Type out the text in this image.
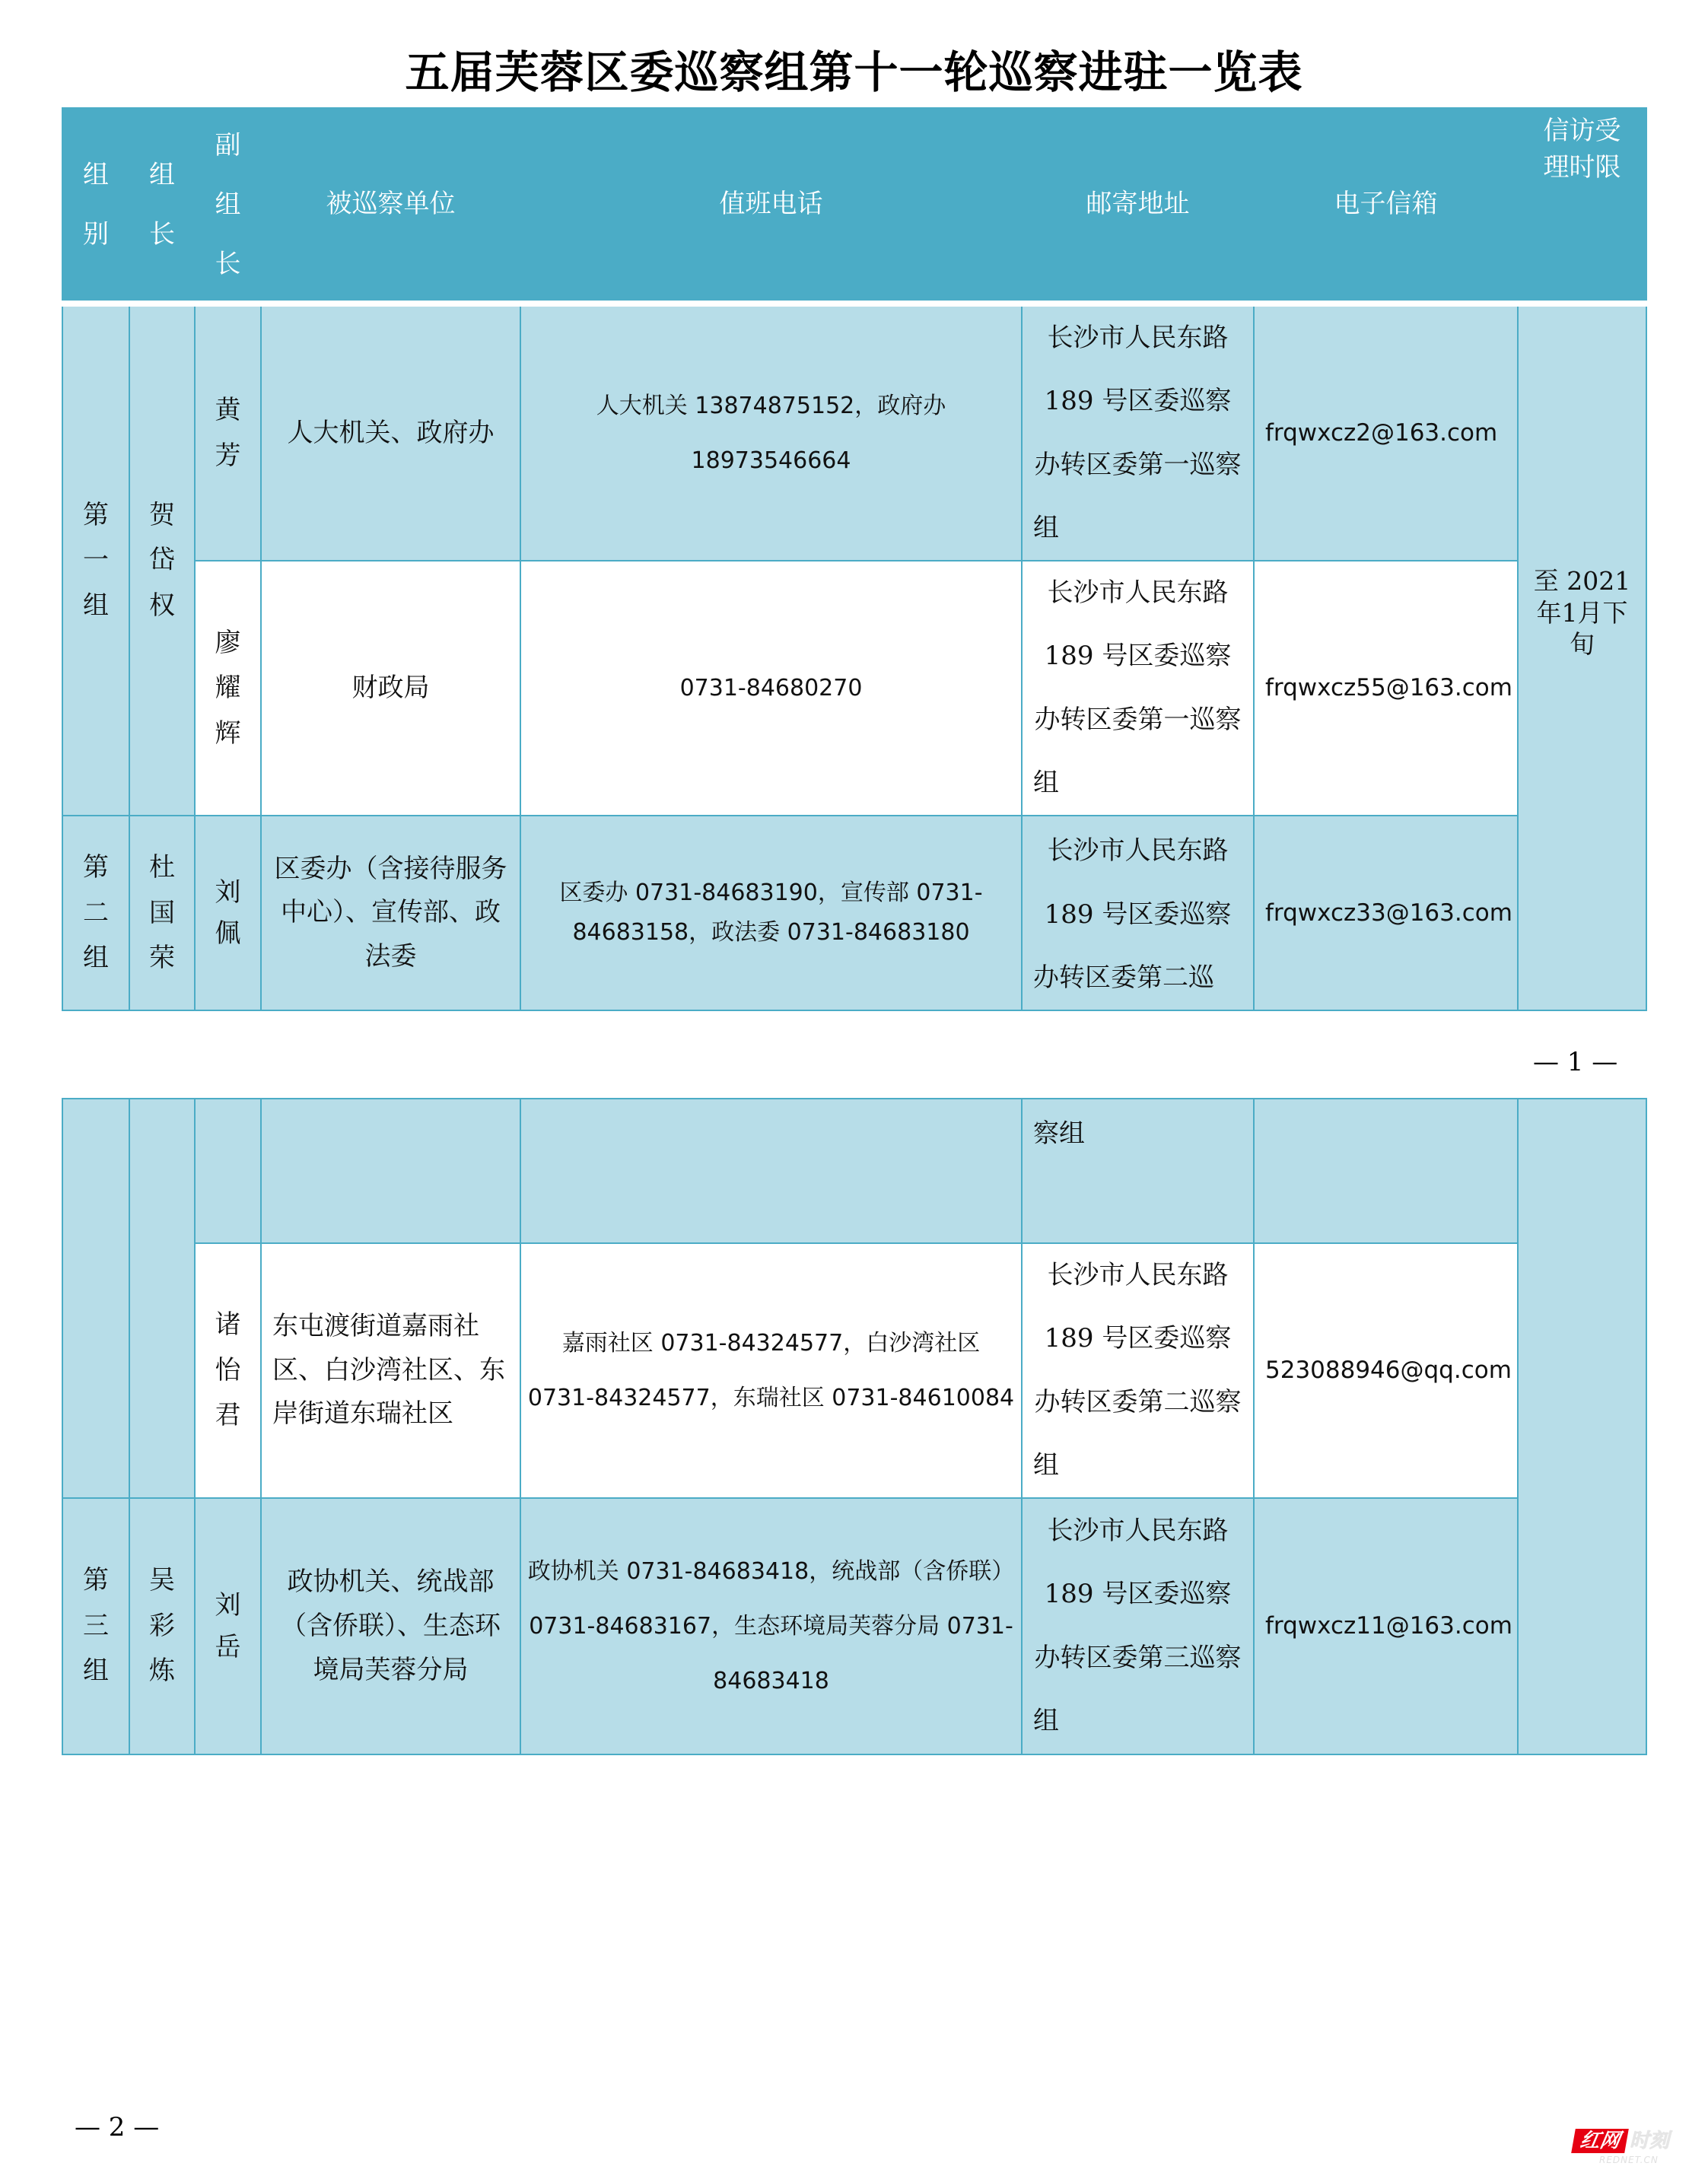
五届芙蓉区委巡察组第十一轮巡察进驻一览表
组别	组长	副组长	被巡察单位	值班电话	邮寄地址	电子信箱	信访受理时限

第一组	贺岱权	黄芳	人大机关、政府办	人大机关 13874875152，政府办 18973546664	长沙市人民东路189 号区委巡察办转区委第一巡察组	frqwxcz2@163.com	至 2021 年1月下旬

		廖耀辉	财政局	0731-84680270	长沙市人民东路189 号区委巡察办转区委第一巡察组	frqwxcz55@163.com	

第二组	杜国荣	刘佩	区委办（含接待服务中心）、宣传部、政法委	区委办 0731-84683190，宣传部 0731-84683158，政法委 0731-84683180	长沙市人民东路189 号区委巡察办转区委第二巡	frqwxcz33@163.com	
— 1 —
					察组		

		诸怡君	东屯渡街道嘉雨社区、白沙湾社区、东岸街道东瑞社区	嘉雨社区 0731-84324577，白沙湾社区 0731-84324577，东瑞社区 0731-84610084	长沙市人民东路189 号区委巡察办转区委第二巡察组	523088946@qq.com	

第三组	吴彩炼	刘岳	政协机关、统战部（含侨联）、生态环境局芙蓉分局	政协机关 0731-84683418，统战部（含侨联）0731-84683167，生态环境局芙蓉分局 0731-84683418	长沙市人民东路189 号区委巡察办转区委第三巡察组	frqwxcz11@163.com	
— 2 —	红网 时刻
REDNET.CN
